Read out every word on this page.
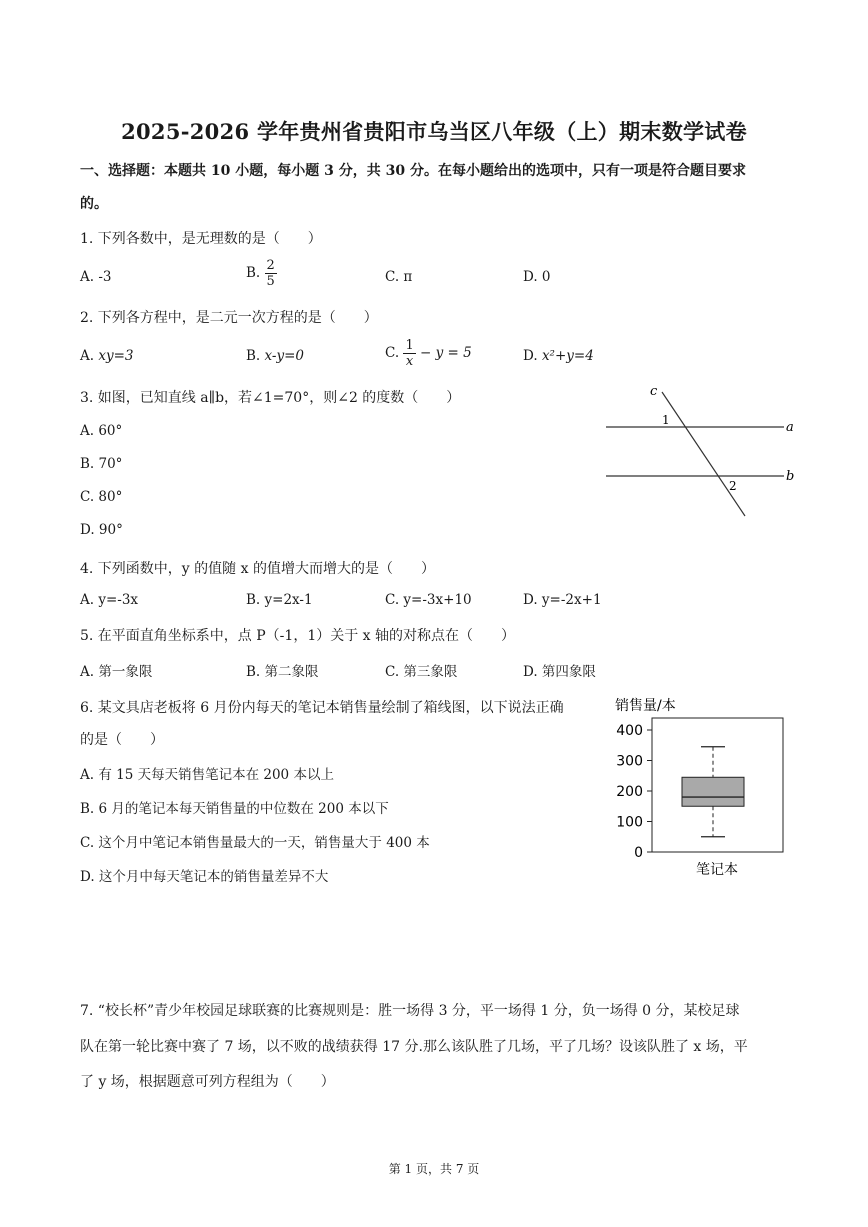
2025-2026 学年贵州省贵阳市乌当区八年级（上）期末数学试卷
一、选择题：本题共 10 小题，每小题 3 分，共 30 分。在每小题给出的选项中，只有一项是符合题目要求
的。
1. 下列各数中，是无理数的是（　　）
A. -3	B. $\frac{2}{5}$	C. π	D. 0
2. 下列各方程中，是二元一次方程的是（　　）
A. xy=3	B. x-y=0	C. $\frac{1}{x} - y = 5$	D. x²+y=4
3. 如图，已知直线 a∥b，若∠1=70°，则∠2 的度数（　　）
A. 60°
B. 70°
C. 80°
D. 90°
c
a
b
1
2
4. 下列函数中，y 的值随 x 的值增大而增大的是（　　）
A. y=-3x	B. y=2x-1	C. y=-3x+10	D. y=-2x+1
5. 在平面直角坐标系中，点 P（-1，1）关于 x 轴的对称点在（　　）
A. 第一象限	B. 第二象限	C. 第三象限	D. 第四象限
6. 某文具店老板将 6 月份内每天的笔记本销售量绘制了箱线图，以下说法正确
的是（　　）
A. 有 15 天每天销售笔记本在 200 本以上
B. 6 月的笔记本每天销售量的中位数在 200 本以下
C. 这个月中笔记本销售量最大的一天，销售量大于 400 本
D. 这个月中每天笔记本的销售量差异不大
销售量/本
0
100
200
300
400
笔记本
7. “校长杯”青少年校园足球联赛的比赛规则是：胜一场得 3 分，平一场得 1 分，负一场得 0 分，某校足球
队在第一轮比赛中赛了 7 场，以不败的战绩获得 17 分.那么该队胜了几场，平了几场？设该队胜了 x 场，平
了 y 场，根据题意可列方程组为（　　）
第 1 页，共 7 页
